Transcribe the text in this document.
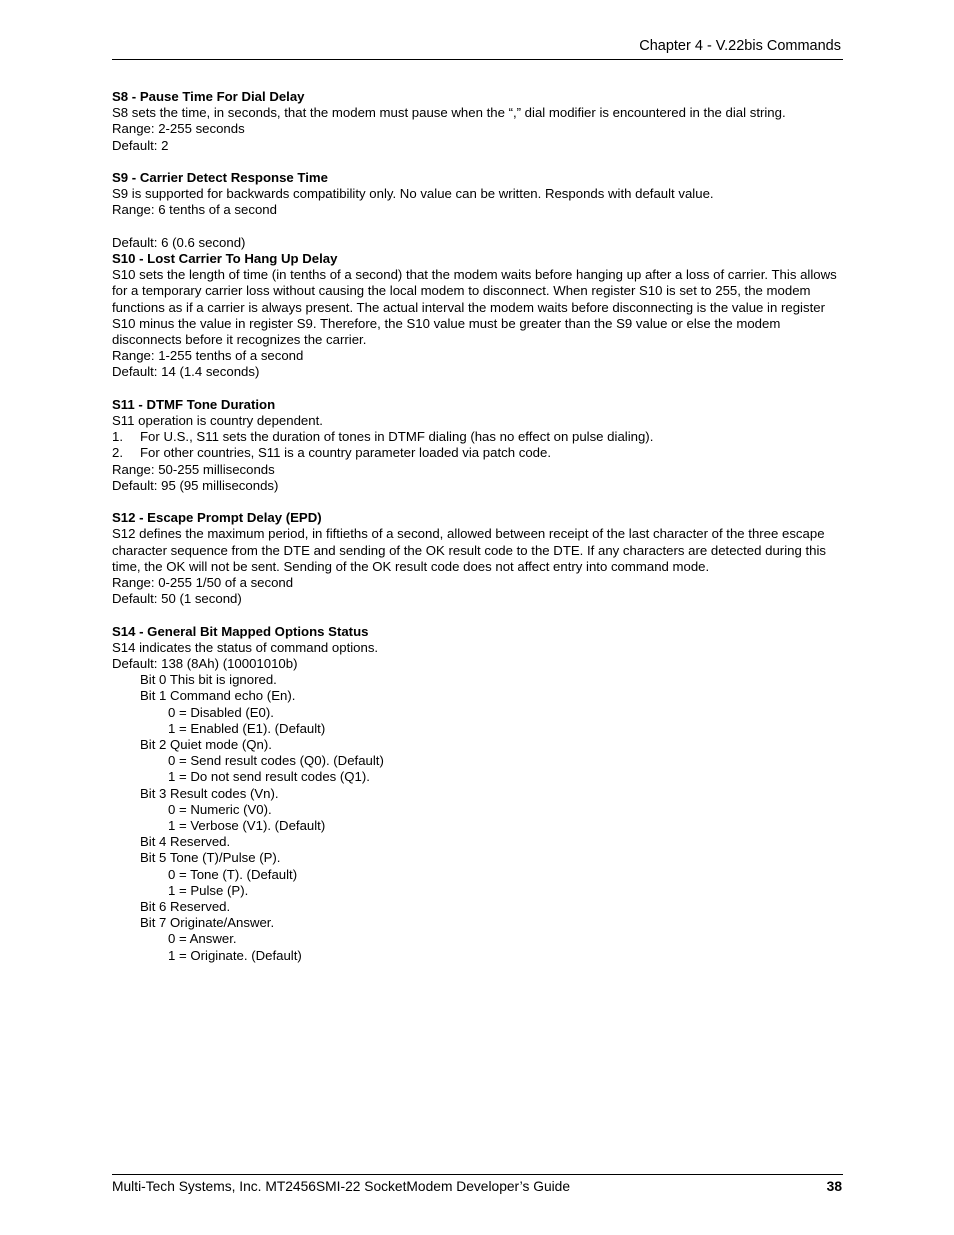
Chapter 4 - V.22bis Commands

S8 - Pause Time For Dial Delay

S8 sets the time, in seconds, that the modem must pause when the “,” dial modifier is encountered in the dial string.

Range: 2-255 seconds

Default: 2

S9 - Carrier Detect Response Time

S9 is supported for backwards compatibility only. No value can be written. Responds with default value.

Range: 6 tenths of a second

Default: 6 (0.6 second)

S10 - Lost Carrier To Hang Up Delay

S10 sets the length of time (in tenths of a second) that the modem waits before hanging up after a loss of carrier. This allows for a temporary carrier loss without causing the local modem to disconnect. When register S10 is set to 255, the modem functions as if a carrier is always present. The actual interval the modem waits before disconnecting is the value in register S10 minus the value in register S9. Therefore, the S10 value must be greater than the S9 value or else the modem disconnects before it recognizes the carrier.

Range: 1-255 tenths of a second

Default: 14 (1.4 seconds)

S11 - DTMF Tone Duration

S11 operation is country dependent.

1. For U.S., S11 sets the duration of tones in DTMF dialing (has no effect on pulse dialing).
2. For other countries, S11 is a country parameter loaded via patch code.

Range: 50-255 milliseconds

Default: 95 (95 milliseconds)

S12 - Escape Prompt Delay (EPD)

S12 defines the maximum period, in fiftieths of a second, allowed between receipt of the last character of the three escape character sequence from the DTE and sending of the OK result code to the DTE. If any characters are detected during this time, the OK will not be sent. Sending of the OK result code does not affect entry into command mode.

Range: 0-255 1/50 of a second

Default: 50 (1 second)

S14 - General Bit Mapped Options Status

S14 indicates the status of command options.

Default: 138 (8Ah) (10001010b)

Bit 0 This bit is ignored.

Bit 1 Command echo (En).

0 = Disabled (E0).

1 = Enabled (E1). (Default)

Bit 2 Quiet mode (Qn).

0 = Send result codes (Q0). (Default)

1 = Do not send result codes (Q1).

Bit 3 Result codes (Vn).

0 = Numeric (V0).

1 = Verbose (V1). (Default)

Bit 4 Reserved.

Bit 5 Tone (T)/Pulse (P).

0 = Tone (T). (Default)

1 = Pulse (P).

Bit 6 Reserved.

Bit 7 Originate/Answer.

0 = Answer.

1 = Originate. (Default)

Multi-Tech Systems, Inc. MT2456SMI-22 SocketModem Developer’s Guide	38
